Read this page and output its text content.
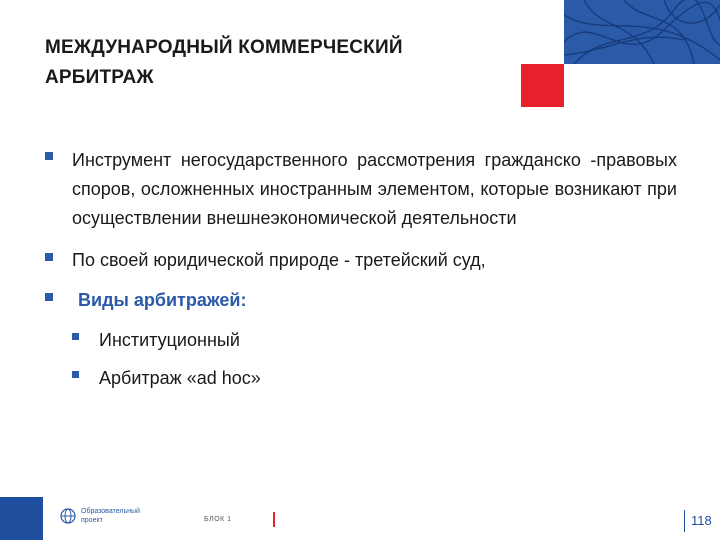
МЕЖДУНАРОДНЫЙ КОММЕРЧЕСКИЙ
АРБИТРАЖ
Инструмент негосударственного рассмотрения гражданско -правовых споров, осложненных иностранным элементом, которые возникают при осуществлении внешнеэкономической деятельности
По своей юридической природе - третейский суд,
Виды арбитражей:
Институционный
Арбитраж «ad hoc»
Образовательный
проект	БЛОК 1	118
